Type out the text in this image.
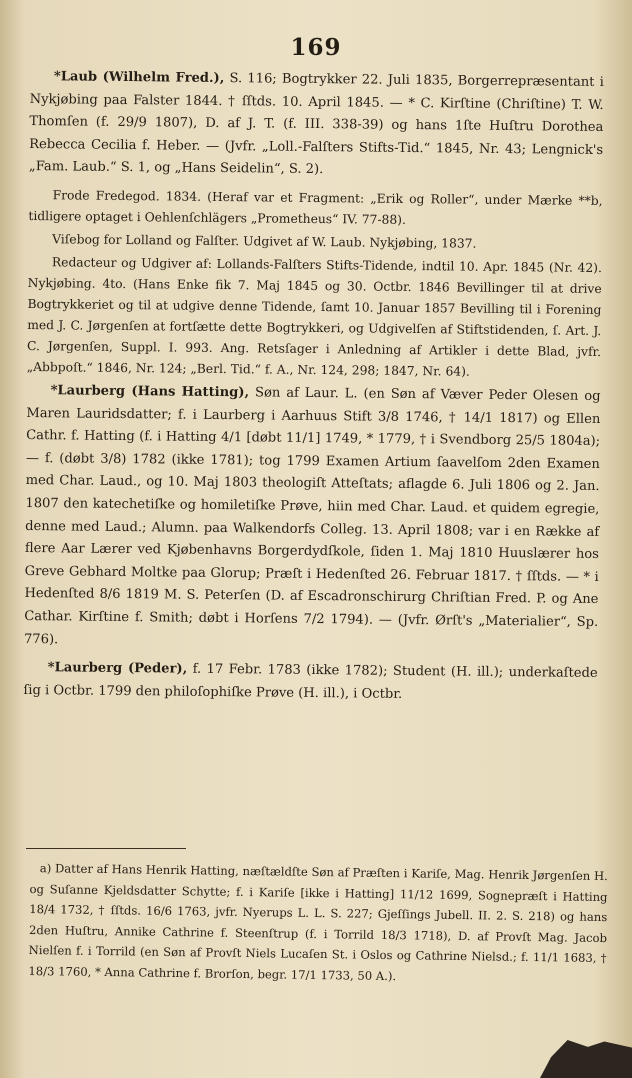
169

*Laub (Wilhelm Fred.), S. 116; Bogtrykker 22. Juli 1835, Borgerrepræsentant i Nykjøbing paa Falster 1844. † ſſtds. 10. April 1845. — * C. Kirſtine (Chriſtine) T. W. Thomſen (f. 29/9 1807), D. af J. T. (f. III. 338-39) og hans 1ſte Huſtru Dorothea Rebecca Cecilia f. Heber. — (Jvfr. „Loll.-Falſters Stifts-Tid.“ 1845, Nr. 43; Lengnick's „Fam. Laub.“ S. 1, og „Hans Seidelin“, S. 2).

Frode Fredegod. 1834. (Heraf var et Fragment: „Erik og Roller“, under Mærke **b, tidligere optaget i Oehlenſchlägers „Prometheus“ IV. 77-88).

Viſebog for Lolland og Falſter. Udgivet af W. Laub. Nykjøbing, 1837.

Redacteur og Udgiver af: Lollands-Falſters Stifts-Tidende, indtil 10. Apr. 1845 (Nr. 42). Nykjøbing. 4to. (Hans Enke fik 7. Maj 1845 og 30. Octbr. 1846 Bevillinger til at drive Bogtrykkeriet og til at udgive denne Tidende, ſamt 10. Januar 1857 Bevilling til i Forening med J. C. Jørgenſen at fortſætte dette Bogtrykkeri, og Udgivelſen af Stiftstidenden, ſ. Art. J. C. Jørgenſen, Suppl. I. 993. Ang. Retsſager i Anledning af Artikler i dette Blad, jvfr. „Abbpoſt.“ 1846, Nr. 124; „Berl. Tid.“ f. A., Nr. 124, 298; 1847, Nr. 64).

*Laurberg (Hans Hatting), Søn af Laur. L. (en Søn af Væver Peder Olesen og Maren Lauridsdatter; f. i Laurberg i Aarhuus Stift 3/8 1746, † 14/1 1817) og Ellen Cathr. f. Hatting (f. i Hatting 4/1 [døbt 11/1] 1749, * 1779, † i Svendborg 25/5 1804a); — f. (døbt 3/8) 1782 (ikke 1781); tog 1799 Examen Artium ſaavelſom 2den Examen med Char. Laud., og 10. Maj 1803 theologiſt Atteſtats; aflagde 6. Juli 1806 og 2. Jan. 1807 den katechetiſke og homiletiſke Prøve, hiin med Char. Laud. et quidem egregie, denne med Laud.; Alumn. paa Walkendorfs Colleg. 13. April 1808; var i en Række af flere Aar Lærer ved Kjøbenhavns Borgerdydſkole, ſiden 1. Maj 1810 Huuslærer hos Greve Gebhard Moltke paa Glorup; Præſt i Hedenſted 26. Februar 1817. † ſſtds. — * i Hedenſted 8/6 1819 M. S. Peterſen (D. af Escadronschirurg Chriſtian Fred. P. og Ane Cathar. Kirſtine f. Smith; døbt i Horſens 7/2 1794). — (Jvfr. Ørſt's „Materialier“, Sp. 776).

*Laurberg (Peder), f. 17 Febr. 1783 (ikke 1782); Student (H. ill.); underkaſtede ſig i Octbr. 1799 den philoſophiſke Prøve (H. ill.), i Octbr.

a) Datter af Hans Henrik Hatting, næſtældſte Søn af Præſten i Kariſe, Mag. Henrik Jørgenſen H. og Suſanne Kjeldsdatter Schytte; f. i Kariſe [ikke i Hatting] 11/12 1699, Sognepræſt i Hatting 18/4 1732, † ſſtds. 16/6 1763, jvfr. Nyerups L. L. S. 227; Gjeſſings Jubell. II. 2. S. 218) og hans 2den Huſtru, Annike Cathrine f. Steenſtrup (f. i Torrild 18/3 1718), D. af Provſt Mag. Jacob Nielſen f. i Torrild (en Søn af Provſt Niels Lucaſen St. i Oslos og Cathrine Nielsd.; f. 11/1 1683, † 18/3 1760, * Anna Cathrine f. Brorſon, begr. 17/1 1733, 50 A.).
